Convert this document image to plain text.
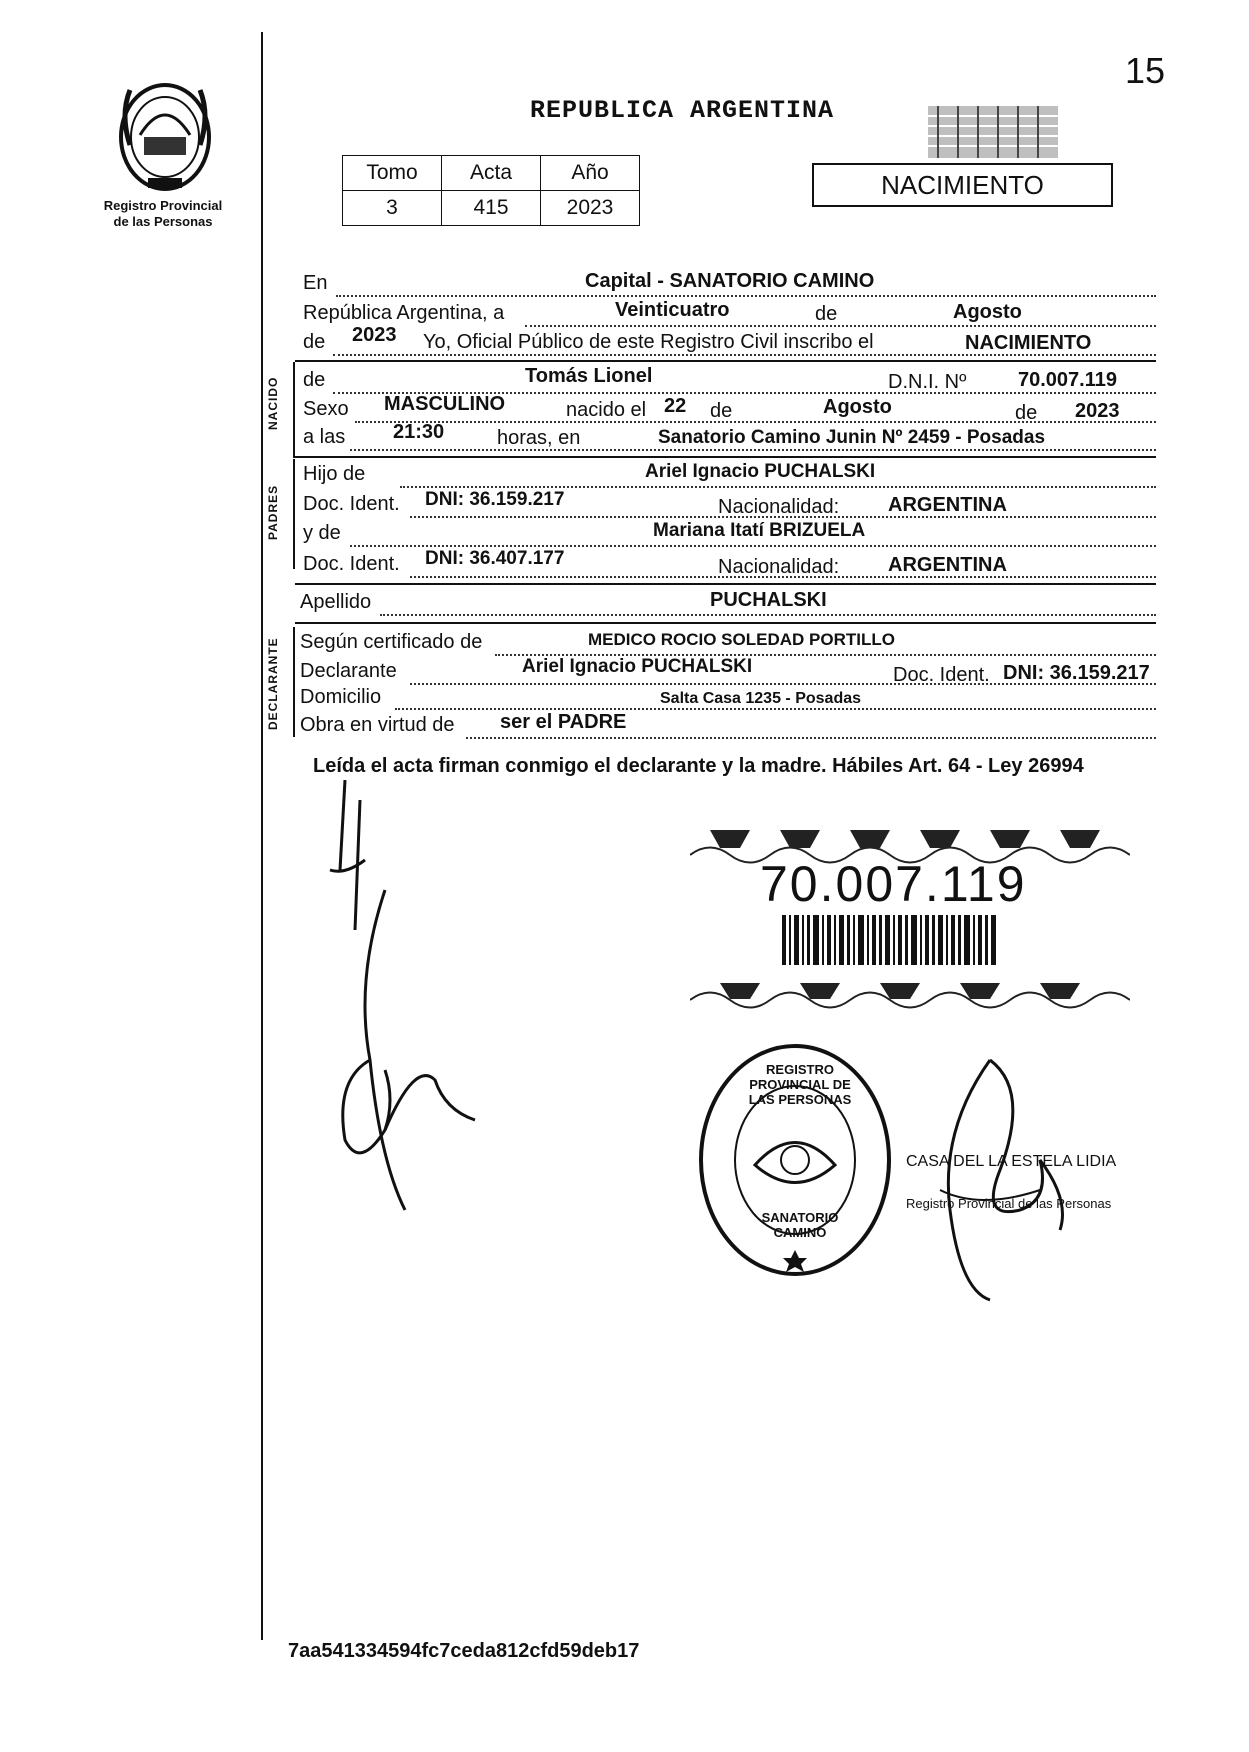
15
Registro Provincial
de las Personas
REPUBLICA ARGENTINA
NACIMIENTO
Tomo	Acta	Año
3	415	2023
En	Capital - SANATORIO CAMINO
República Argentina, a	Veinticuatro	de	Agosto
de 2023 Yo, Oficial Público de este Registro Civil inscribo el	NACIMIENTO
NACIDO de	Tomás Lionel	D.N.I. Nº	70.007.119
Sexo MASCULINO	nacido el 22 de	Agosto	de 2023
a las 21:30	horas, en	Sanatorio Camino Junin Nº 2459 - Posadas
PADRES
Hijo de	Ariel Ignacio PUCHALSKI
Doc. Ident. DNI: 36.159.217	Nacionalidad: ARGENTINA
y de	Mariana Itatí BRIZUELA
Doc. Ident. DNI: 36.407.177	Nacionalidad: ARGENTINA
Apellido	PUCHALSKI
DECLARANTE Según certificado de	MEDICO ROCIO SOLEDAD PORTILLO
Declarante	Ariel Ignacio PUCHALSKI	Doc. Ident. DNI: 36.159.217
Domicilio	Salta Casa 1235 - Posadas
Obra en virtud de ser el PADRE
Leída el acta firman conmigo el declarante y la madre. Hábiles Art. 64 - Ley 26994
70.007.119
REGISTRO PROVINCIAL DE LAS PERSONAS
SANATORIO CAMINO
CASA DEL LA ESTELA LIDIA
Registro Provincial de las Personas
7aa541334594fc7ceda812cfd59deb17
